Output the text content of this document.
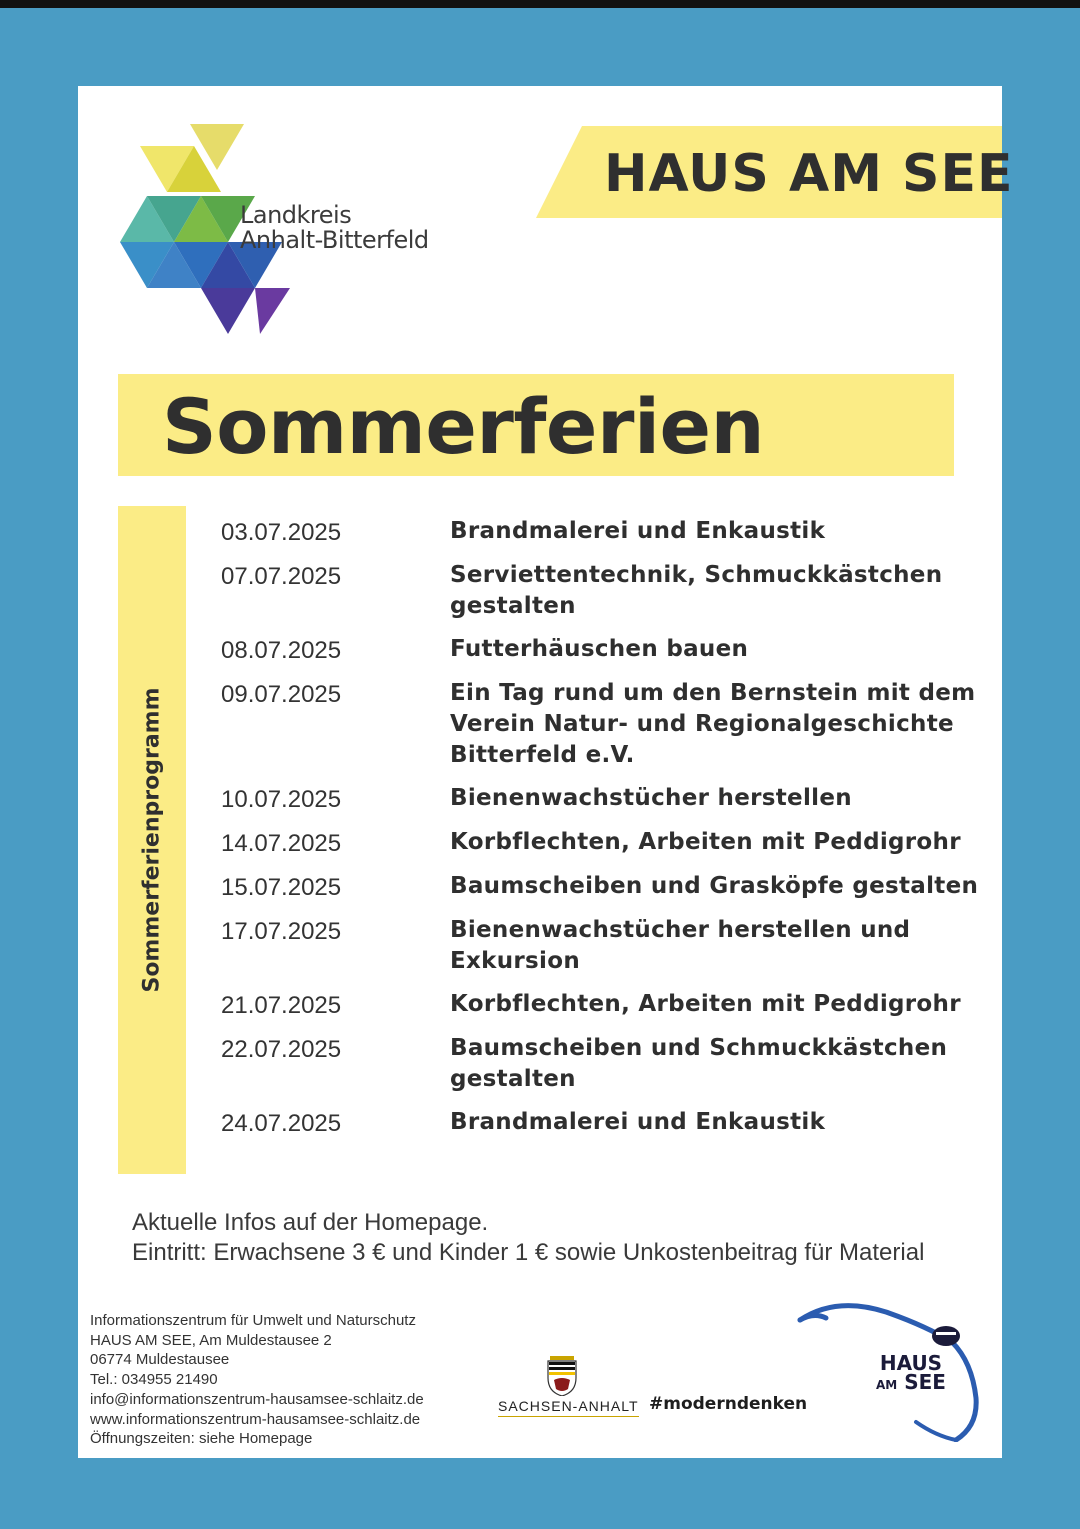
Landkreis
Anhalt-Bitterfeld
HAUS AM SEE
Sommerferien
Sommerferienprogramm
03.07.2025	Brandmalerei und Enkaustik
07.07.2025	Serviettentechnik, Schmuckkästchen gestalten
08.07.2025	Futterhäuschen bauen
09.07.2025	Ein Tag rund um den Bernstein mit dem Verein Natur- und Regionalgeschichte Bitterfeld e.V.
10.07.2025	Bienenwachstücher herstellen
14.07.2025	Korbflechten, Arbeiten mit Peddigrohr
15.07.2025	Baumscheiben und Grasköpfe gestalten
17.07.2025	Bienenwachstücher herstellen und Exkursion
21.07.2025	Korbflechten, Arbeiten mit Peddigrohr
22.07.2025	Baumscheiben und Schmuckkästchen gestalten
24.07.2025	Brandmalerei und Enkaustik
Aktuelle Infos auf der Homepage.
Eintritt: Erwachsene 3 € und Kinder 1 € sowie Unkostenbeitrag für Material
Informationszentrum für Umwelt und Naturschutz
HAUS AM SEE, Am Muldestausee 2
06774 Muldestausee
Tel.: 034955 21490
info@informationszentrum-hausamsee-schlaitz.de
www.informationszentrum-hausamsee-schlaitz.de
Öffnungszeiten: siehe Homepage
SACHSEN-ANHALT #moderndenken
HAUS
AM SEE
